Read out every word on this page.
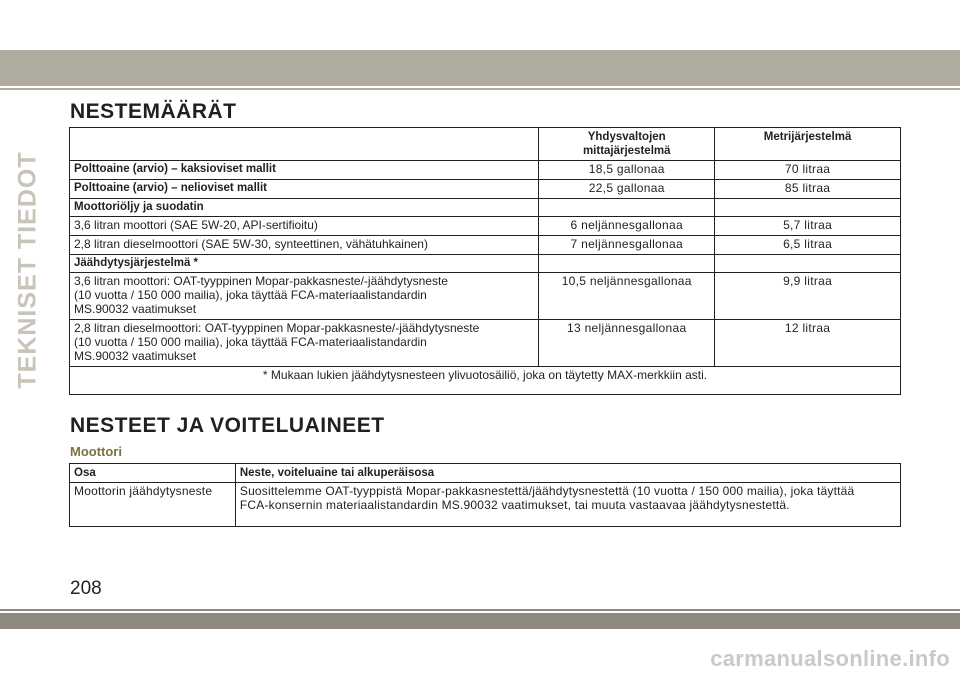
TEKNISET TIEDOT
NESTEMÄÄRÄT
	Yhdysvaltojen mittajärjestelmä	Metrijärjestelmä
Polttoaine (arvio) – kaksioviset mallit	18,5 gallonaa	70 litraa
Polttoaine (arvio) – nelioviset mallit	22,5 gallonaa	85 litraa
Moottoriöljy ja suodatin		
3,6 litran moottori (SAE 5W-20, API-sertifioitu)	6 neljännesgallonaa	5,7 litraa
2,8 litran dieselmoottori (SAE 5W-30, synteettinen, vähätuhkainen)	7 neljännesgallonaa	6,5 litraa
Jäähdytysjärjestelmä *		
3,6 litran moottori: OAT-tyyppinen Mopar-pakkasneste/-jäähdytysneste
(10 vuotta / 150 000 mailia), joka täyttää FCA-materiaalistandardin
MS.90032 vaatimukset	10,5 neljännesgallonaa	9,9 litraa
2,8 litran dieselmoottori: OAT-tyyppinen Mopar-pakkasneste/-jäähdytysneste
(10 vuotta / 150 000 mailia), joka täyttää FCA-materiaalistandardin
MS.90032 vaatimukset	13 neljännesgallonaa	12 litraa
* Mukaan lukien jäähdytysnesteen ylivuotosäiliö, joka on täytetty MAX-merkkiin asti.		
NESTEET JA VOITELUAINEET
Moottori
Osa	Neste, voiteluaine tai alkuperäisosa
Moottorin jäähdytysneste	Suosittelemme OAT-tyyppistä Mopar-pakkasnestettä/jäähdytysnestettä (10 vuotta / 150 000 mailia), joka täyttää
FCA-konsernin materiaalistandardin MS.90032 vaatimukset, tai muuta vastaavaa jäähdytysnestettä.
208
carmanualsonline.info
